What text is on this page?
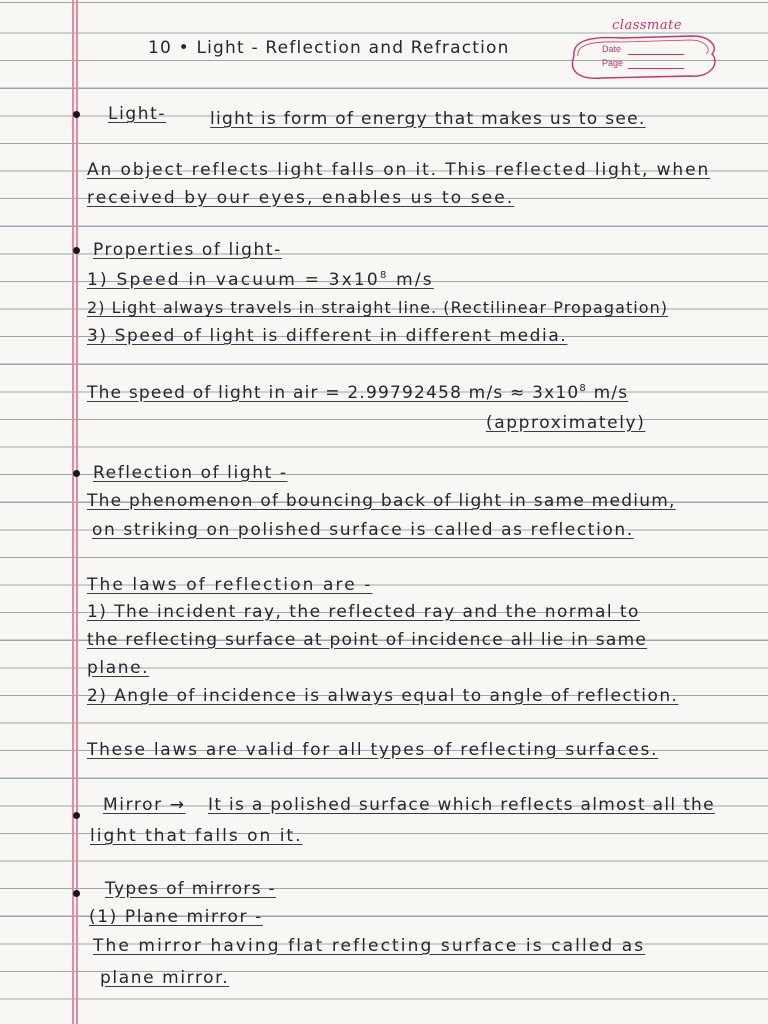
classmate
Date
Page
10 • Light - Reflection and Refraction
Light-	light is form of energy that makes us to see.
An object reflects light falls on it. This reflected light, when
received by our eyes, enables us to see.
Properties of light-
1) Speed in vacuum = $3x10^8$ m/s
2) Light always travels in straight line. (Rectilinear Propagation)
3) Speed of light is different in different media.
The speed of light in air = 2.99792458 $m/s \approx 3x10^8$ m/s
(approximately)
Reflection of light -
The phenomenon of bouncing back of light in same medium,
on striking on polished surface is called as reflection.
The laws of reflection are -
1) The incident ray, the reflected ray and the normal to
the reflecting surface at point of incidence all lie in same
plane.
2) Angle of incidence is always equal to angle of reflection.
These laws are valid for all types of reflecting surfaces.
Mirror → It is a polished surface which reflects almost all the
light that falls on it.
Types of mirrors -
(1) Plane mirror -
The mirror having flat reflecting surface is called as
plane mirror.
